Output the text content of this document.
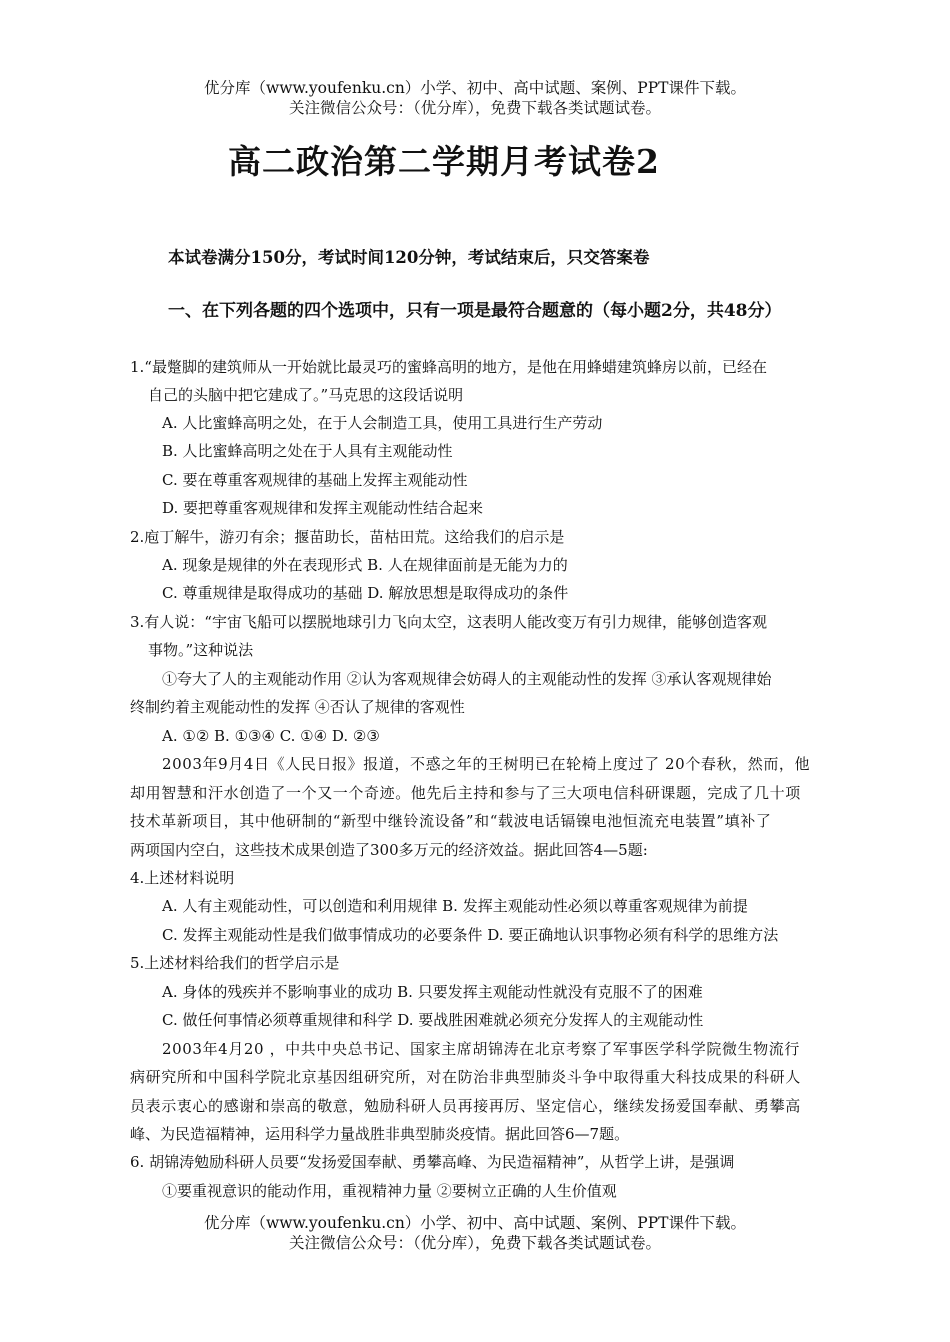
优分库（www.youfenku.cn）小学、初中、高中试题、案例、PPT课件下载。
关注微信公众号：（优分库），免费下载各类试题试卷。
高二政治第二学期月考试卷2
本试卷满分150分，考试时间120分钟，考试结束后，只交答案卷
一、在下列各题的四个选项中，只有一项是最符合题意的（每小题2分，共48分）
1.“最蹩脚的建筑师从一开始就比最灵巧的蜜蜂高明的地方，是他在用蜂蜡建筑蜂房以前，已经在
自己的头脑中把它建成了。”马克思的这段话说明
A. 人比蜜蜂高明之处，在于人会制造工具，使用工具进行生产劳动
B. 人比蜜蜂高明之处在于人具有主观能动性
C. 要在尊重客观规律的基础上发挥主观能动性
D. 要把尊重客观规律和发挥主观能动性结合起来
2.庖丁解牛，游刃有余；揠苗助长，苗枯田荒。这给我们的启示是
A. 现象是规律的外在表现形式 B. 人在规律面前是无能为力的
C. 尊重规律是取得成功的基础 D. 解放思想是取得成功的条件
3.有人说：“宇宙飞船可以摆脱地球引力飞向太空，这表明人能改变万有引力规律，能够创造客观
事物。”这种说法
①夸大了人的主观能动作用 ②认为客观规律会妨碍人的主观能动性的发挥 ③承认客观规律始
终制约着主观能动性的发挥 ④否认了规律的客观性
A. ①② B. ①③④ C. ①④ D. ②③
2003年9月4日《人民日报》报道，不惑之年的王树明已在轮椅上度过了 20个春秋，然而，他
却用智慧和汗水创造了一个又一个奇迹。他先后主持和参与了三大项电信科研课题，完成了几十项
技术革新项目，其中他研制的“新型中继铃流设备”和“载波电话镉镍电池恒流充电装置”填补了
两项国内空白，这些技术成果创造了300多万元的经济效益。据此回答4—5题:
4.上述材料说明
A. 人有主观能动性，可以创造和利用规律 B. 发挥主观能动性必须以尊重客观规律为前提
C. 发挥主观能动性是我们做事情成功的必要条件 D. 要正确地认识事物必须有科学的思维方法
5.上述材料给我们的哲学启示是
A. 身体的残疾并不影响事业的成功 B. 只要发挥主观能动性就没有克服不了的困难
C. 做任何事情必须尊重规律和科学 D. 要战胜困难就必须充分发挥人的主观能动性
2003年4月20 ，中共中央总书记、国家主席胡锦涛在北京考察了军事医学科学院微生物流行
病研究所和中国科学院北京基因组研究所，对在防治非典型肺炎斗争中取得重大科技成果的科研人
员表示衷心的感谢和崇高的敬意，勉励科研人员再接再厉、坚定信心，继续发扬爱国奉献、勇攀高
峰、为民造福精神，运用科学力量战胜非典型肺炎疫情。据此回答6—7题。
6. 胡锦涛勉励科研人员要“发扬爱国奉献、勇攀高峰、为民造福精神”，从哲学上讲，是强调
①要重视意识的能动作用，重视精神力量 ②要树立正确的人生价值观
优分库（www.youfenku.cn）小学、初中、高中试题、案例、PPT课件下载。
关注微信公众号：（优分库），免费下载各类试题试卷。
